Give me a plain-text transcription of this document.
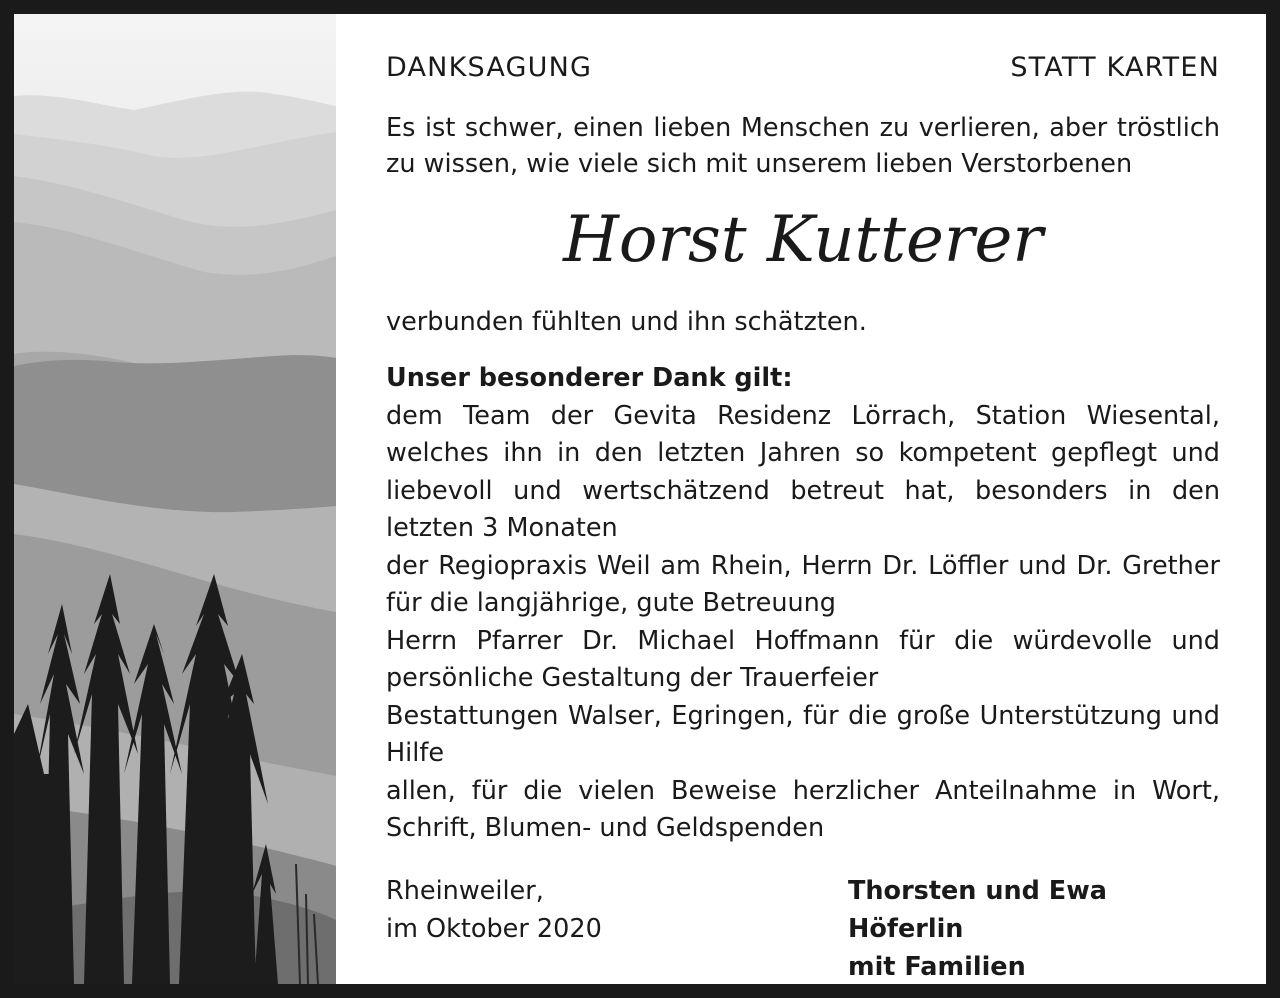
DANKSAGUNG	STATT KARTEN
Es ist schwer, einen lieben Menschen zu verlieren, aber tröstlich zu wissen, wie viele sich mit unserem lieben Verstorbenen
Horst Kutterer
verbunden fühlten und ihn schätzten.
Unser besonderer Dank gilt:
dem Team der Gevita Residenz Lörrach, Station Wiesental, welches ihn in den letzten Jahren so kompetent gepflegt und liebevoll und wertschätzend betreut hat, besonders in den letzten 3 Monaten
der Regiopraxis Weil am Rhein, Herrn Dr. Löffler und Dr. Grether für die langjährige, gute Betreuung
Herrn Pfarrer Dr. Michael Hoffmann für die würdevolle und persönliche Gestaltung der Trauerfeier
Bestattungen Walser, Egringen, für die große Unterstützung und Hilfe
allen, für die vielen Beweise herzlicher Anteilnahme in Wort, Schrift, Blumen- und Geldspenden
Rheinweiler,
im Oktober 2020
Thorsten und Ewa Höferlin
mit Familien
